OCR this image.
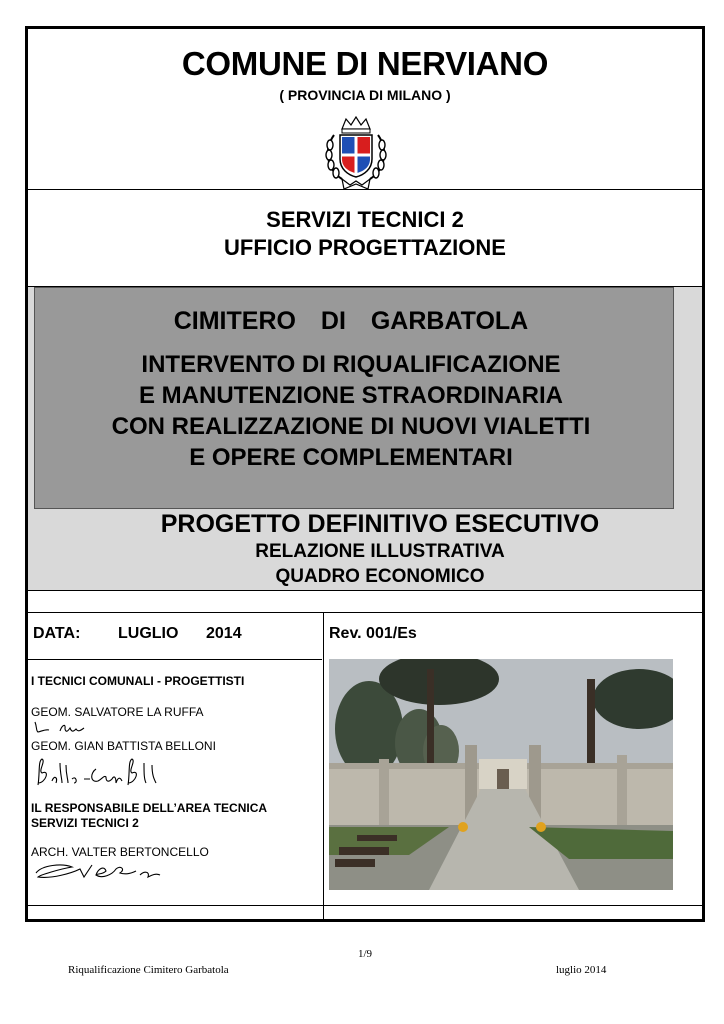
COMUNE DI NERVIANO
( PROVINCIA DI MILANO )
SERVIZI TECNICI 2
UFFICIO PROGETTAZIONE
CIMITERO DI GARBATOLA
INTERVENTO DI RIQUALIFICAZIONE
E MANUTENZIONE STRAORDINARIA
CON REALIZZAZIONE DI NUOVI VIALETTI
E OPERE COMPLEMENTARI
PROGETTO DEFINITIVO ESECUTIVO
RELAZIONE ILLUSTRATIVA
QUADRO ECONOMICO
DATA: LUGLIO 2014	Rev. 001/Es
I TECNICI COMUNALI - PROGETTISTI
GEOM. SALVATORE LA RUFFA
GEOM. GIAN BATTISTA BELLONI
IL RESPONSABILE DELL’AREA TECNICA
SERVIZI TECNICI 2
ARCH. VALTER BERTONCELLO
1/9
Riqualificazione Cimitero Garbatola	luglio 2014
